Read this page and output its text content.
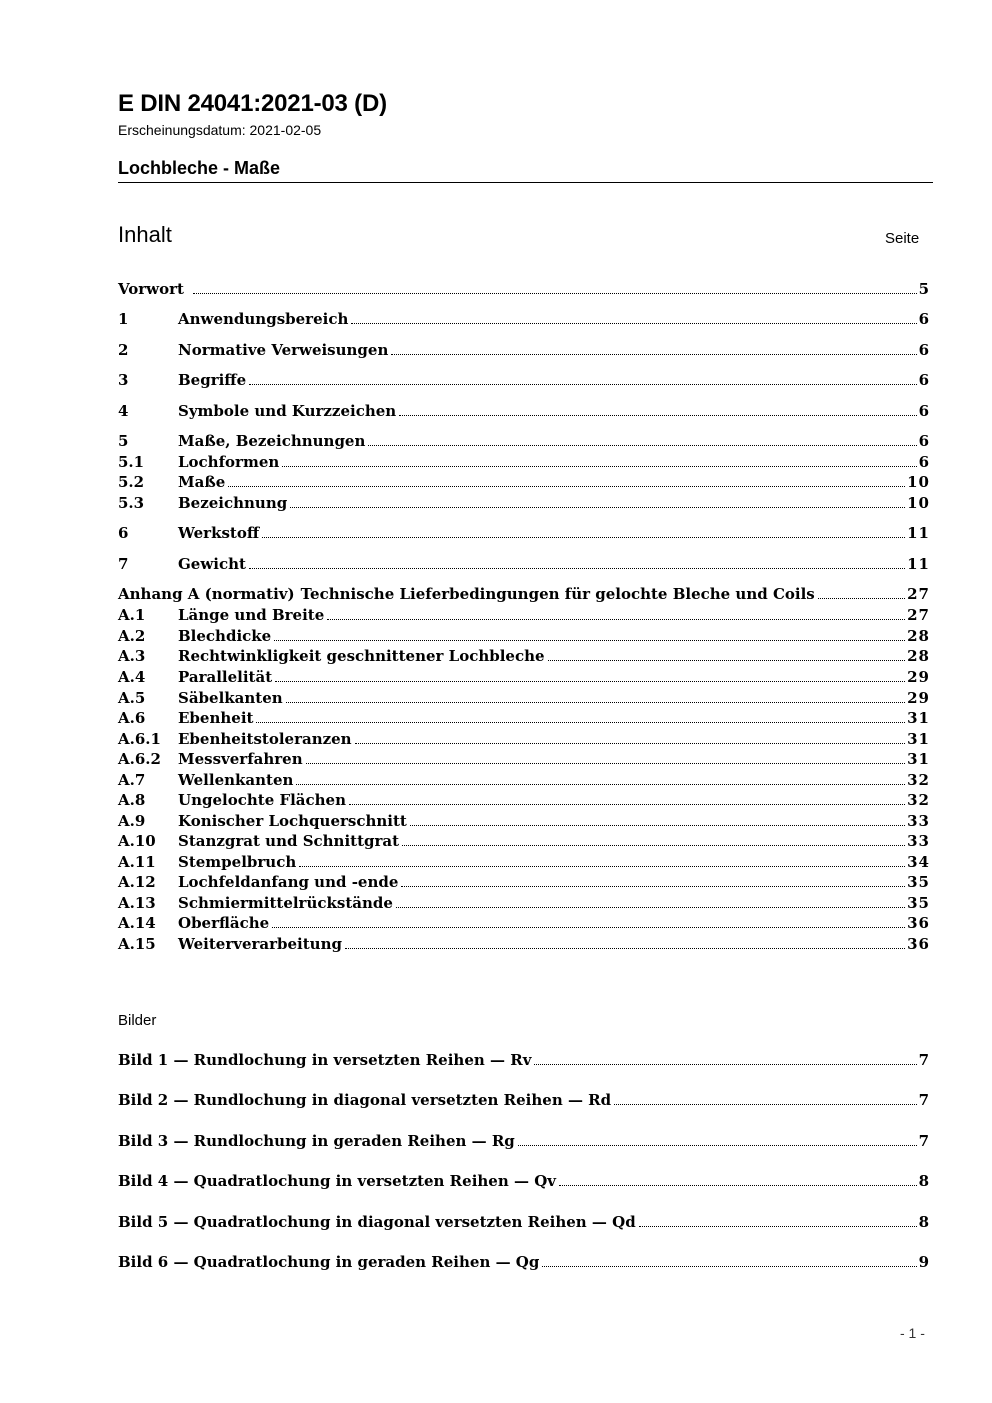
E DIN 24041:2021-03 (D)
Erscheinungsdatum: 2021-02-05
Lochbleche - Maße
Inhalt	Seite
Vorwort	5
1	Anwendungsbereich	6
2	Normative Verweisungen	6
3	Begriffe	6
4	Symbole und Kurzzeichen	6
5	Maße, Bezeichnungen	6
5.1	Lochformen	6
5.2	Maße	10
5.3	Bezeichnung	10
6	Werkstoff	11
7	Gewicht	11
Anhang A (normativ) Technische Lieferbedingungen für gelochte Bleche und Coils	27
A.1	Länge und Breite	27
A.2	Blechdicke	28
A.3	Rechtwinkligkeit geschnittener Lochbleche	28
A.4	Parallelität	29
A.5	Säbelkanten	29
A.6	Ebenheit	31
A.6.1	Ebenheitstoleranzen	31
A.6.2	Messverfahren	31
A.7	Wellenkanten	32
A.8	Ungelochte Flächen	32
A.9	Konischer Lochquerschnitt	33
A.10	Stanzgrat und Schnittgrat	33
A.11	Stempelbruch	34
A.12	Lochfeldanfang und -ende	35
A.13	Schmiermittelrückstände	35
A.14	Oberfläche	36
A.15	Weiterverarbeitung	36
Bilder
Bild 1 — Rundlochung in versetzten Reihen — Rv	7
Bild 2 — Rundlochung in diagonal versetzten Reihen — Rd	7
Bild 3 — Rundlochung in geraden Reihen — Rg	7
Bild 4 — Quadratlochung in versetzten Reihen — Qv	8
Bild 5 — Quadratlochung in diagonal versetzten Reihen — Qd	8
Bild 6 — Quadratlochung in geraden Reihen — Qg	9
- 1 -
